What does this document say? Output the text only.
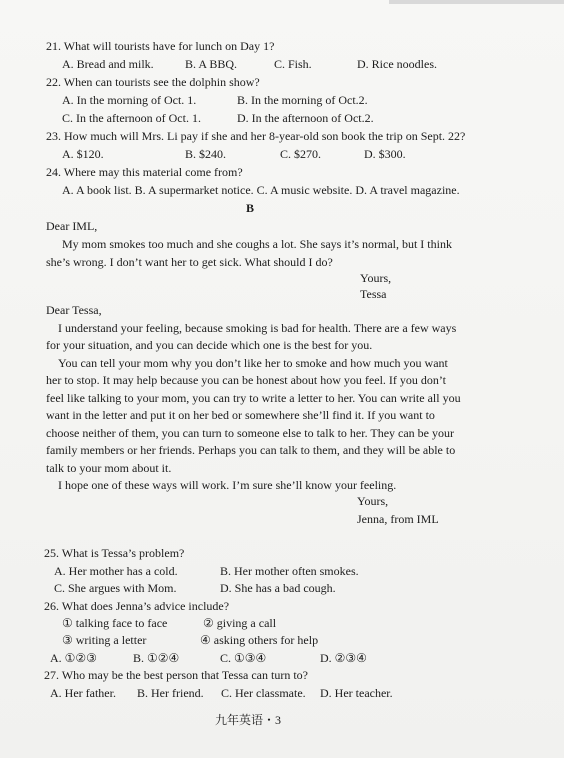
21. What will tourists have for lunch on Day 1?
A. Bread and milk.	B. A BBQ.	C. Fish.	D. Rice noodles.
22. When can tourists see the dolphin show?
A. In the morning of Oct. 1.	B. In the morning of Oct.2.
C. In the afternoon of Oct. 1.	D. In the afternoon of Oct.2.
23. How much will Mrs. Li pay if she and her 8-year-old son book the trip on Sept. 22?
A. $120.	B. $240.	C. $270.	D. $300.
24. Where may this material come from?
A. A book list. B. A supermarket notice. C. A music website. D. A travel magazine.
B
Dear IML,
My mom smokes too much and she coughs a lot. She says it’s normal, but I think
she’s wrong. I don’t want her to get sick. What should I do?
Yours,
Tessa
Dear Tessa,
I understand your feeling, because smoking is bad for health. There are a few ways
for your situation, and you can decide which one is the best for you.
You can tell your mom why you don’t like her to smoke and how much you want
her to stop. It may help because you can be honest about how you feel. If you don’t
feel like talking to your mom, you can try to write a letter to her. You can write all you
want in the letter and put it on her bed or somewhere she’ll find it. If you want to
choose neither of them, you can turn to someone else to talk to her. They can be your
family members or her friends. Perhaps you can talk to them, and they will be able to
talk to your mom about it.
I hope one of these ways will work. I’m sure she’ll know your feeling.
Yours,
Jenna, from IML
25. What is Tessa’s problem?
A. Her mother has a cold.	B. Her mother often smokes.
C. She argues with Mom.	D. She has a bad cough.
26. What does Jenna’s advice include?
① talking face to face	② giving a call
③ writing a letter	④ asking others for help
A. ①②③	B. ①②④	C. ①③④	D. ②③④
27. Who may be the best person that Tessa can turn to?
A. Her father. B. Her friend. C. Her classmate. D. Her teacher.
九年英语・3
